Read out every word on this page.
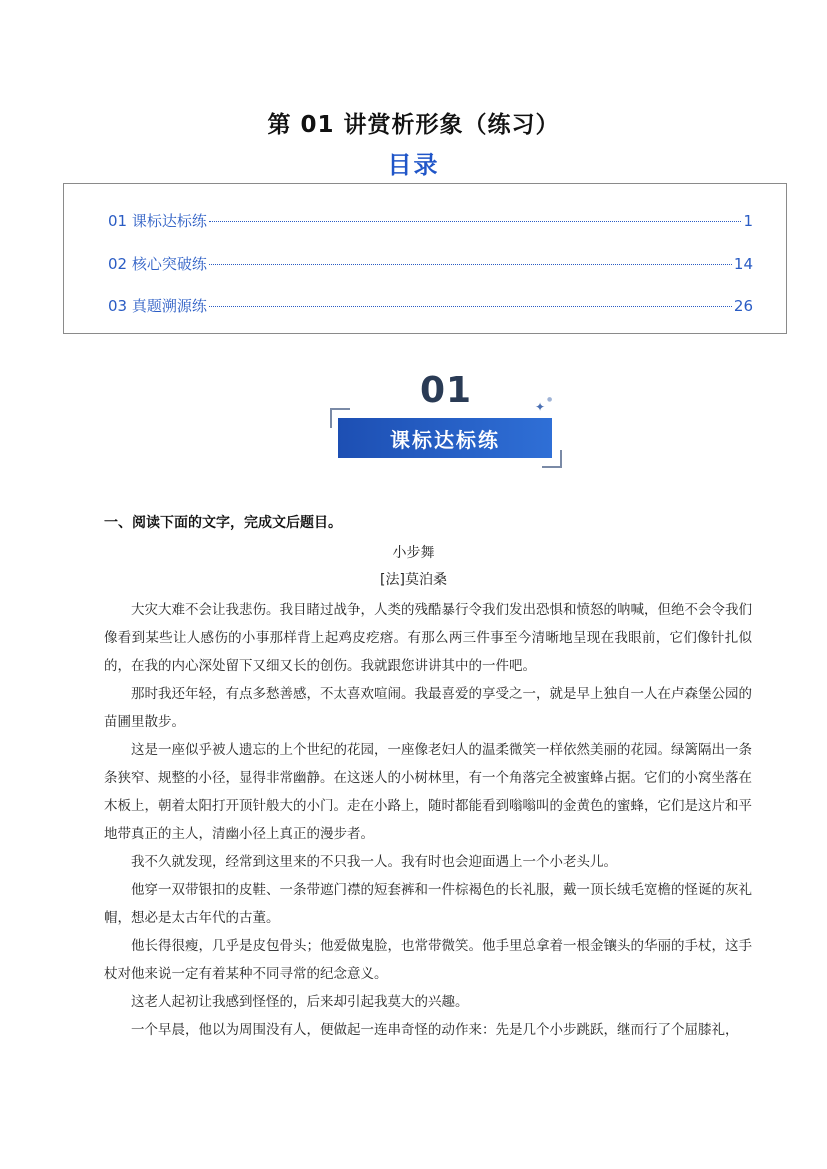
第 01 讲赏析形象（练习）
目录
01 课标达标练	1
02 核心突破练	14
03 真题溯源练	26
01	✦
●
课标达标练
一、阅读下面的文字，完成文后题目。
小步舞
[法]莫泊桑

大灾大难不会让我悲伤。我目睹过战争，人类的残酷暴行令我们发出恐惧和愤怒的呐喊，但绝不会令我们像看到某些让人感伤的小事那样背上起鸡皮疙瘩。有那么两三件事至今清晰地呈现在我眼前，它们像针扎似的，在我的内心深处留下又细又长的创伤。我就跟您讲讲其中的一件吧。

那时我还年轻，有点多愁善感，不太喜欢喧闹。我最喜爱的享受之一，就是早上独自一人在卢森堡公园的苗圃里散步。

这是一座似乎被人遗忘的上个世纪的花园，一座像老妇人的温柔微笑一样依然美丽的花园。绿篱隔出一条条狭窄、规整的小径，显得非常幽静。在这迷人的小树林里，有一个角落完全被蜜蜂占据。它们的小窝坐落在木板上，朝着太阳打开顶针般大的小门。走在小路上，随时都能看到嗡嗡叫的金黄色的蜜蜂，它们是这片和平地带真正的主人，清幽小径上真正的漫步者。

我不久就发现，经常到这里来的不只我一人。我有时也会迎面遇上一个小老头儿。

他穿一双带银扣的皮鞋、一条带遮门襟的短套裤和一件棕褐色的长礼服，戴一顶长绒毛宽檐的怪诞的灰礼帽，想必是太古年代的古董。

他长得很瘦，几乎是皮包骨头；他爱做鬼脸，也常带微笑。他手里总拿着一根金镶头的华丽的手杖，这手杖对他来说一定有着某种不同寻常的纪念意义。

这老人起初让我感到怪怪的，后来却引起我莫大的兴趣。

一个早晨，他以为周围没有人，便做起一连串奇怪的动作来：先是几个小步跳跃，继而行了个屈膝礼，
